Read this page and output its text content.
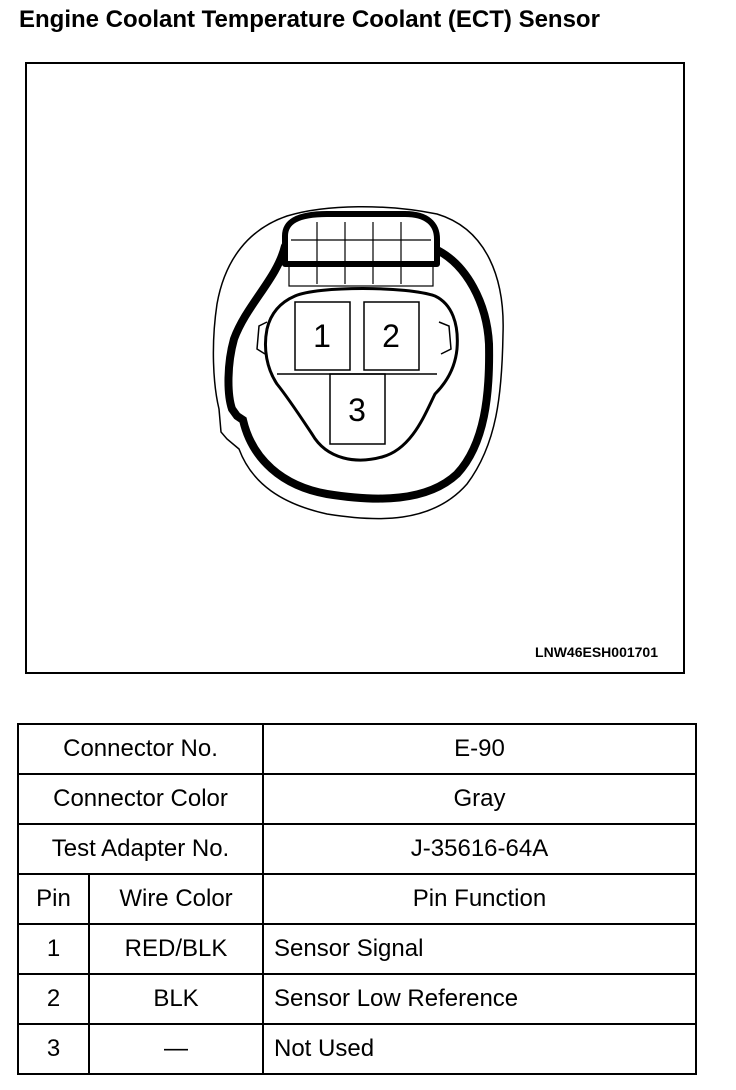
Engine Coolant Temperature Coolant (ECT) Sensor
1 2
3
LNW46ESH001701
Connector No.		E-90
Connector Color		Gray
Test Adapter No.		J-35616-64A
Pin	Wire Color	Pin Function
1	RED/BLK	Sensor Signal
2	BLK	Sensor Low Reference
3	—	Not Used
